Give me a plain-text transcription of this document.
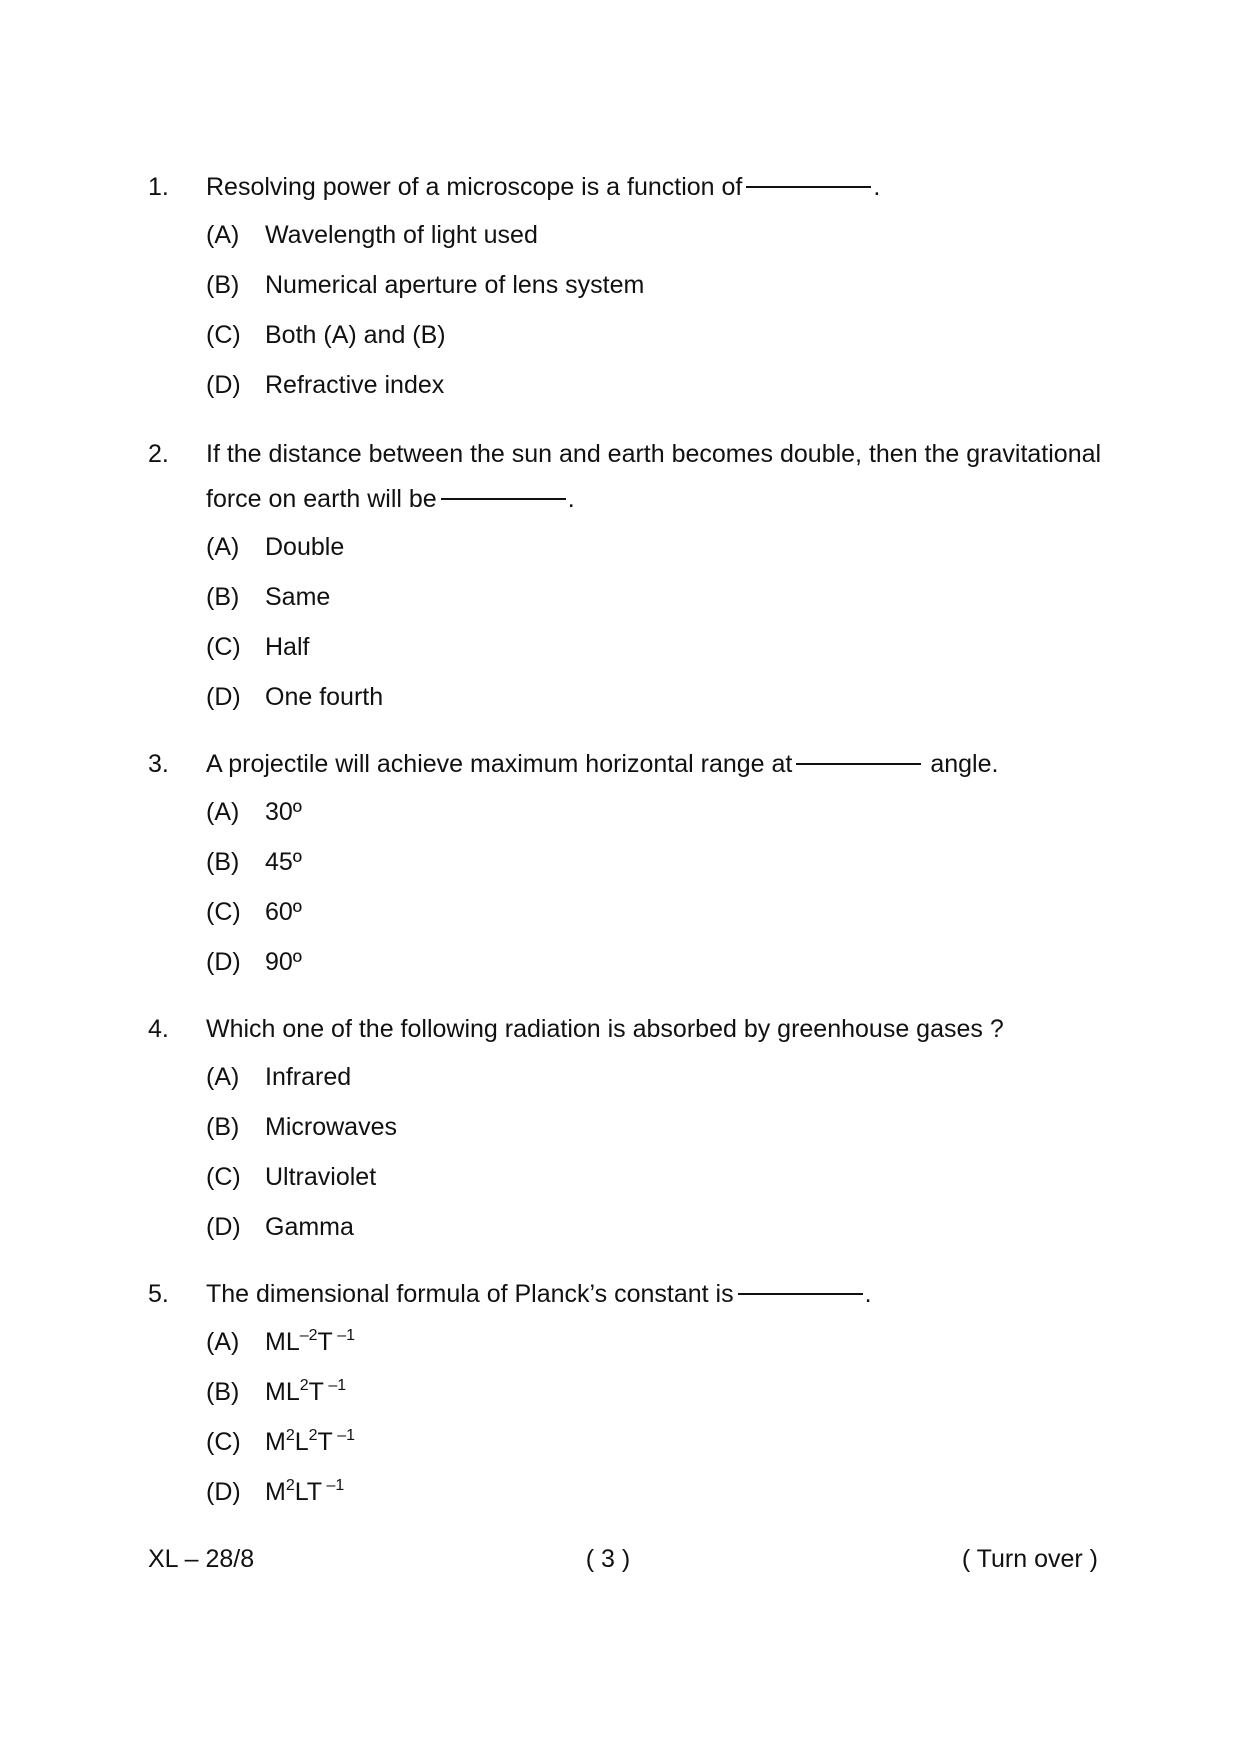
1.	Resolving power of a microscope is a function of	.
(A)	Wavelength of light used
(B)	Numerical aperture of lens system
(C) Both (A) and (B)
(D) Refractive index
2.	If the distance between the sun and earth becomes double, then the gravitational force on earth will be	.
(A)	Double
(B)	Same
(C) Half
(D) One fourth
3.	A projectile will achieve maximum horizontal range at	angle.
(A)	30º
(B)	45º
(C) 60º
(D) 90º
4.	Which one of the following radiation is absorbed by greenhouse gases ?
(A)	Infrared
(B)	Microwaves
(C) Ultraviolet
(D) Gamma
5.	The dimensional formula of Planck’s constant is	.
(A)	$ML^{-2}T$ $^{-1}$
(B)	$ML^2T$ $^{-1}$
(C) $M^2L^2T$ $^{-1}$
(D) $M^2LT$ $^{-1}$
XL – 28/8	( 3 )	( Turn over )
